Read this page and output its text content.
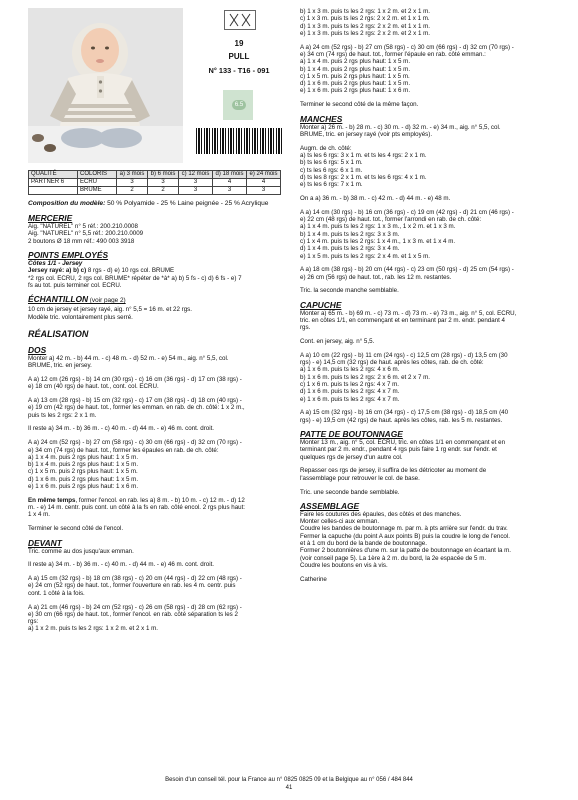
19
PULL
N° 133 - T16 - 091
6.5
QUALITÉ	COLORIS	a) 3 mois	b) 6 mois	c) 12 mois	d) 18 mois	e) 24 mois
PARTNER 6	ECRU	3	3	3	4	4
	BRUME	2	2	3	3	3

Composition du modèle: 50 % Polyamide - 25 % Laine peignée - 25 % Acrylique

MERCERIE
Aig. "NATUREL" n° 5 réf.: 200.210.0008
Aig. "NATUREL" n° 5,5 réf.: 200.210.0009
2 boutons Ø 18 mm réf.: 490 003 3918
POINTS EMPLOYÉS
Côtes 1/1 - Jersey
Jersey rayé: a) b) c) 8 rgs - d) e) 10 rgs col. BRUME
*2 rgs col. ECRU, 2 rgs col. BRUME* répéter de *à* a) b) 5 fs - c) d) 6 fs - e) 7
fs au tot. puis terminer col. ECRU.
ÉCHANTILLON (voir page 2)
10 cm de jersey et jersey rayé, aig. n° 5,5 = 16 m. et 22 rgs.
Modèle tric. volontairement plus serré.
RÉALISATION
DOS
Monter a) 42 m. - b) 44 m. - c) 48 m. - d) 52 m. - e) 54 m., aig. n° 5,5, col.
BRUME, tric. en jersey.
A a) 12 cm (26 rgs) - b) 14 cm (30 rgs) - c) 16 cm (36 rgs) - d) 17 cm (38 rgs) -
e) 18 cm (40 rgs) de haut. tot., cont. col. ECRU.
A a) 13 cm (28 rgs) - b) 15 cm (32 rgs) - c) 17 cm (38 rgs) - d) 18 cm (40 rgs) -
e) 19 cm (42 rgs) de haut. tot., former les emman. en rab. de ch. côté: 1 x 2 m.,
puis ts les 2 rgs: 2 x 1 m.
Il reste a) 34 m. - b) 36 m. - c) 40 m. - d) 44 m. - e) 46 m. cont. droit.
A a) 24 cm (52 rgs) - b) 27 cm (58 rgs) - c) 30 cm (66 rgs) - d) 32 cm (70 rgs) -
e) 34 cm (74 rgs) de haut. tot., former les épaules en rab. de ch. côté:
a) 1 x 4 m. puis 2 rgs plus haut: 1 x 5 m.
b) 1 x 4 m. puis 2 rgs plus haut: 1 x 5 m.
c) 1 x 5 m. puis 2 rgs plus haut: 1 x 5 m.
d) 1 x 6 m. puis 2 rgs plus haut: 1 x 5 m.
e) 1 x 6 m. puis 2 rgs plus haut: 1 x 6 m.
En même temps, former l'encol. en rab. les a) 8 m. - b) 10 m. - c) 12 m. - d) 12
m. - e) 14 m. centr. puis cont. un côté à la fs en rab. côté encol. 2 rgs plus haut:
1 x 4 m.
Terminer le second côté de l'encol.
DEVANT
Tric. comme au dos jusqu'aux emman.
Il reste a) 34 m. - b) 36 m. - c) 40 m. - d) 44 m. - e) 46 m. cont. droit.
A a) 15 cm (32 rgs) - b) 18 cm (38 rgs) - c) 20 cm (44 rgs) - d) 22 cm (48 rgs) -
e) 24 cm (52 rgs) de haut. tot., former l'ouverture en rab. les 4 m. centr. puis
cont. 1 côté à la fois.
A a) 21 cm (46 rgs) - b) 24 cm (52 rgs) - c) 26 cm (58 rgs) - d) 28 cm (62 rgs) -
e) 30 cm (66 rgs) de haut. tot., former l'encol. en rab. côté séparation ts les 2
rgs:
a) 1 x 2 m. puis ts les 2 rgs: 1 x 2 m. et 2 x 1 m.
b) 1 x 3 m. puis ts les 2 rgs: 1 x 2 m. et 2 x 1 m.
c) 1 x 3 m. puis ts les 2 rgs: 2 x 2 m. et 1 x 1 m.
d) 1 x 3 m. puis ts les 2 rgs: 2 x 2 m. et 1 x 1 m.
e) 1 x 3 m. puis ts les 2 rgs: 2 x 2 m. et 2 x 1 m.
A a) 24 cm (52 rgs) - b) 27 cm (58 rgs) - c) 30 cm (66 rgs) - d) 32 cm (70 rgs) -
e) 34 cm (74 rgs) de haut. tot., former l'épaule en rab. côté emman.:
a) 1 x 4 m. puis 2 rgs plus haut: 1 x 5 m.
b) 1 x 4 m. puis 2 rgs plus haut: 1 x 5 m.
c) 1 x 5 m. puis 2 rgs plus haut: 1 x 5 m.
d) 1 x 6 m. puis 2 rgs plus haut: 1 x 5 m.
e) 1 x 6 m. puis 2 rgs plus haut: 1 x 6 m.
Terminer le second côté de la même façon.
MANCHES
Monter a) 26 m. - b) 28 m. - c) 30 m. - d) 32 m. - e) 34 m., aig. n° 5,5, col.
BRUME, tric. en jersey rayé (voir pts employés).
Augm. de ch. côté:
a) ts les 6 rgs: 3 x 1 m. et ts les 4 rgs: 2 x 1 m.
b) ts les 6 rgs: 5 x 1 m.
c) ts les 6 rgs: 6 x 1 m.
d) ts les 8 rgs: 2 x 1 m. et ts les 6 rgs: 4 x 1 m.
e) ts les 6 rgs: 7 x 1 m.
On a a) 36 m. - b) 38 m. - c) 42 m. - d) 44 m. - e) 48 m.
A a) 14 cm (30 rgs) - b) 16 cm (36 rgs) - c) 19 cm (42 rgs) - d) 21 cm (46 rgs) -
e) 22 cm (48 rgs) de haut. tot., former l'arrondi en rab. de ch. côté:
a) 1 x 4 m. puis ts les 2 rgs: 1 x 3 m., 1 x 2 m. et 1 x 3 m.
b) 1 x 4 m. puis ts les 2 rgs: 3 x 3 m.
c) 1 x 4 m. puis ts les 2 rgs: 1 x 4 m., 1 x 3 m. et 1 x 4 m.
d) 1 x 4 m. puis ts les 2 rgs: 3 x 4 m.
e) 1 x 5 m. puis ts les 2 rgs: 2 x 4 m. et 1 x 5 m.
A a) 18 cm (38 rgs) - b) 20 cm (44 rgs) - c) 23 cm (50 rgs) - d) 25 cm (54 rgs) -
e) 26 cm (56 rgs) de haut. tot., rab. les 12 m. restantes.
Tric. la seconde manche semblable.
CAPUCHE
Monter a) 65 m. - b) 69 m. - c) 73 m. - d) 73 m. - e) 73 m., aig. n° 5, col. ECRU,
tric. en côtes 1/1, en commençant et en terminant par 2 m. endr. pendant 4
rgs.
Cont. en jersey, aig. n° 5,5.
A a) 10 cm (22 rgs) - b) 11 cm (24 rgs) - c) 12,5 cm (28 rgs) - d) 13,5 cm (30
rgs) - e) 14,5 cm (32 rgs) de haut. après les côtes, rab. de ch. côté:
a) 1 x 6 m. puis ts les 2 rgs: 4 x 6 m.
b) 1 x 6 m. puis ts les 2 rgs: 2 x 6 m. et 2 x 7 m.
c) 1 x 6 m. puis ts les 2 rgs: 4 x 7 m.
d) 1 x 6 m. puis ts les 2 rgs: 4 x 7 m.
e) 1 x 6 m. puis ts les 2 rgs: 4 x 7 m.
A a) 15 cm (32 rgs) - b) 16 cm (34 rgs) - c) 17,5 cm (38 rgs) - d) 18,5 cm (40
rgs) - e) 19,5 cm (42 rgs) de haut. après les côtes, rab. les 5 m. restantes.
PATTE DE BOUTONNAGE
Monter 13 m., aig. n° 5, col. ECRU, tric. en côtes 1/1 en commençant et en
terminant par 2 m. endr., pendant 4 rgs puis faire 1 rg endr. sur l'endr. et
quelques rgs de jersey d'un autre col.
Repasser ces rgs de jersey, il suffira de les détricoter au moment de
l'assemblage pour retrouver le col. de base.
Tric. une seconde bande semblable.
ASSEMBLAGE
Faire les coutures des épaules, des côtés et des manches.
Monter celles-ci aux emman.
Coudre les bandes de boutonnage m. par m. à pts arrière sur l'endr. du trav.
Fermer la capuche (du point A aux points B) puis la coudre le long de l'encol.
et à 1 cm du bord de la bande de boutonnage.
Former 2 boutonnières d'une m. sur la patte de boutonnage en écartant la m.
(voir conseil page 5). La 1ère à 2 m. du bord, la 2e espacée de 5 m.
Coudre les boutons en vis à vis.
Catherine
Besoin d'un conseil tél. pour la France au n° 0825 0825 09 et la Belgique au n° 056 / 484 844
41
